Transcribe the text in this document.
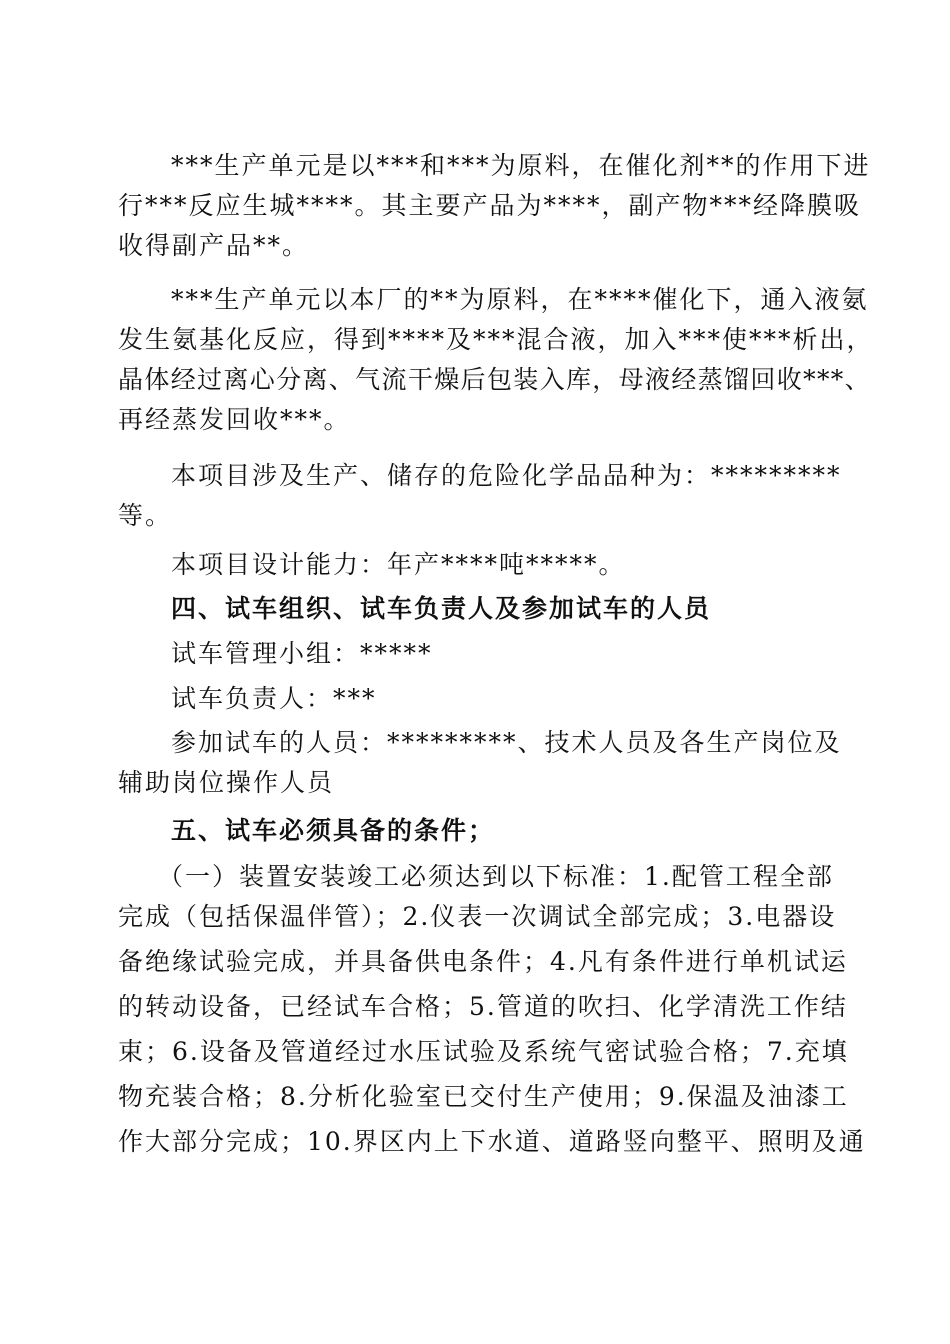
***生产单元是以***和***为原料，在催化剂**的作用下进
行***反应生城****。其主要产品为****，副产物***经降膜吸
收得副产品**。
***生产单元以本厂的**为原料，在****催化下，通入液氨
发生氨基化反应，得到****及***混合液，加入***使***析出，
晶体经过离心分离、气流干燥后包装入库，母液经蒸馏回收***、
再经蒸发回收***。
本项目涉及生产、储存的危险化学品品种为：*********
等。
本项目设计能力：年产****吨*****。
四、试车组织、试车负责人及参加试车的人员
试车管理小组：*****
试车负责人：***
参加试车的人员：*********、技术人员及各生产岗位及
辅助岗位操作人员
五、试车必须具备的条件；
（一）装置安装竣工必须达到以下标准：1.配管工程全部
完成（包括保温伴管）；2.仪表一次调试全部完成；3.电器设
备绝缘试验完成，并具备供电条件；4.凡有条件进行单机试运
的转动设备，已经试车合格；5.管道的吹扫、化学清洗工作结
束；6.设备及管道经过水压试验及系统气密试验合格；7.充填
物充装合格；8.分析化验室已交付生产使用；9.保温及油漆工
作大部分完成；10.界区内上下水道、道路竖向整平、照明及通
